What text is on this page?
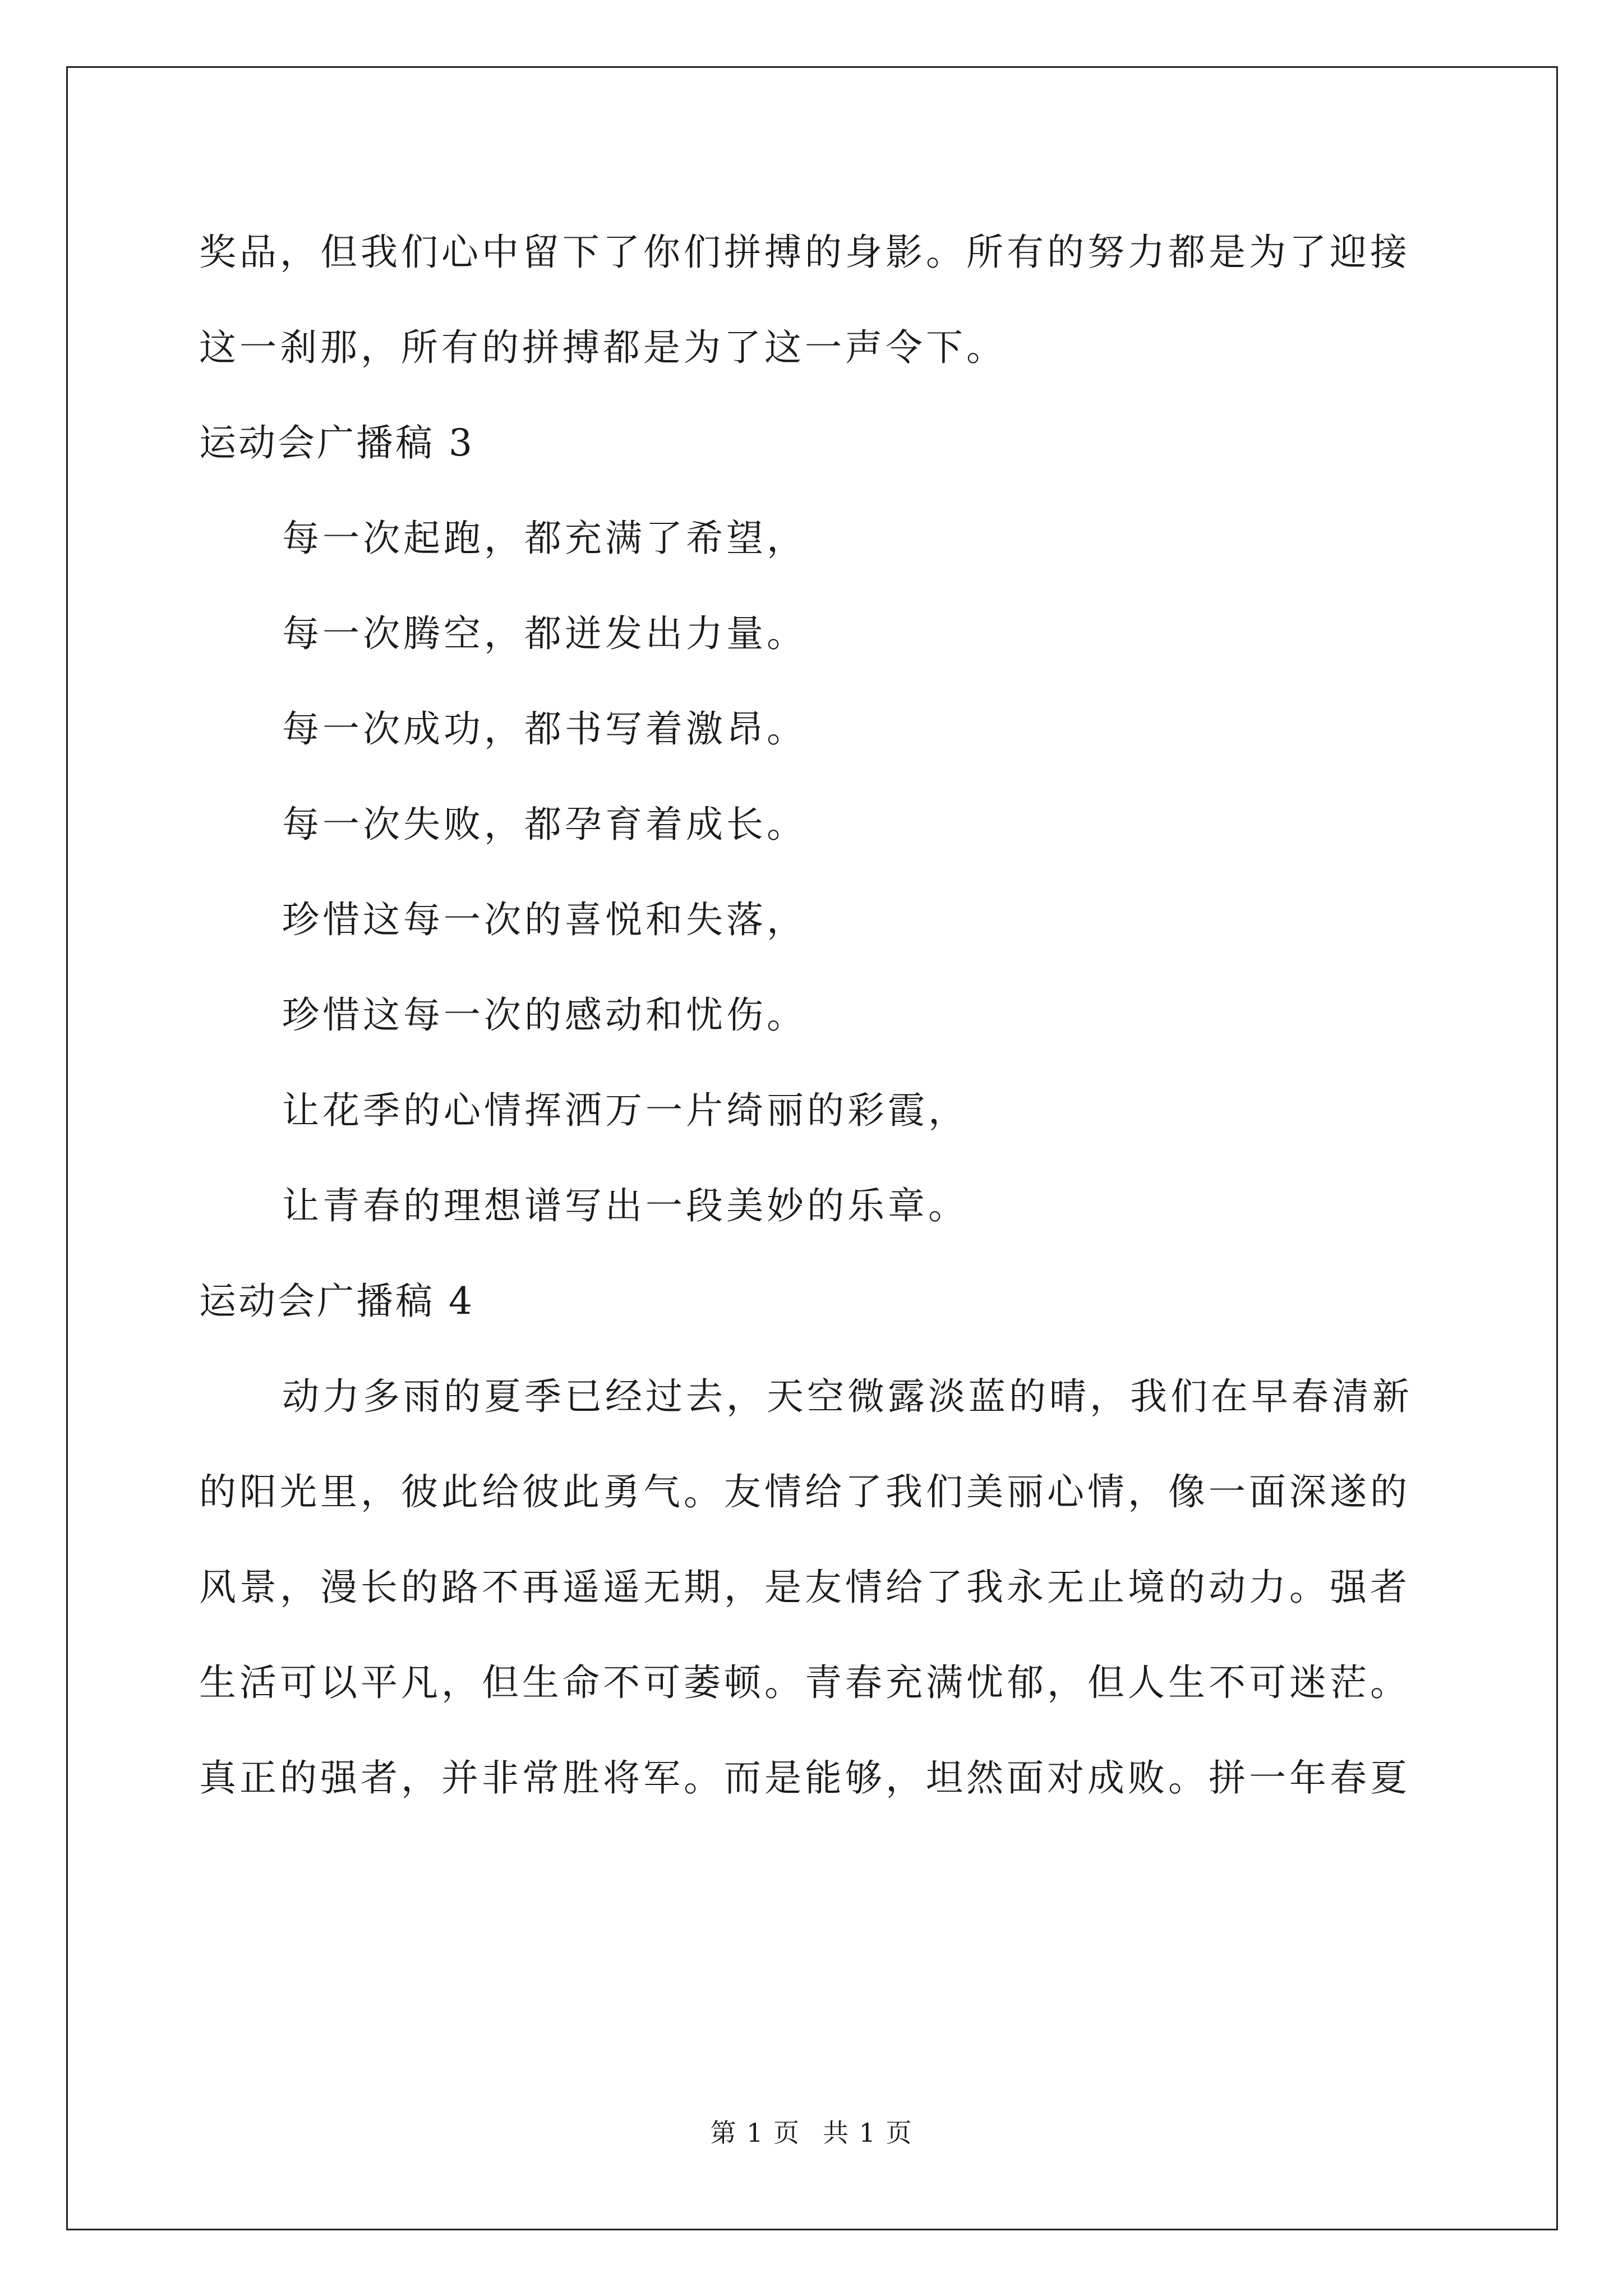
奖品，但我们心中留下了你们拼搏的身影。所有的努力都是为了迎接

这一刹那，所有的拼搏都是为了这一声令下。

运动会广播稿 3

每一次起跑，都充满了希望，

每一次腾空，都迸发出力量。

每一次成功，都书写着激昂。

每一次失败，都孕育着成长。

珍惜这每一次的喜悦和失落，

珍惜这每一次的感动和忧伤。

让花季的心情挥洒万一片绮丽的彩霞，

让青春的理想谱写出一段美妙的乐章。

运动会广播稿 4

动力多雨的夏季已经过去，天空微露淡蓝的晴，我们在早春清新

的阳光里，彼此给彼此勇气。友情给了我们美丽心情，像一面深遂的

风景，漫长的路不再遥遥无期，是友情给了我永无止境的动力。强者

生活可以平凡，但生命不可萎顿。青春充满忧郁，但人生不可迷茫。

真正的强者，并非常胜将军。而是能够，坦然面对成败。拼一年春夏

第 1 页 共 1 页
